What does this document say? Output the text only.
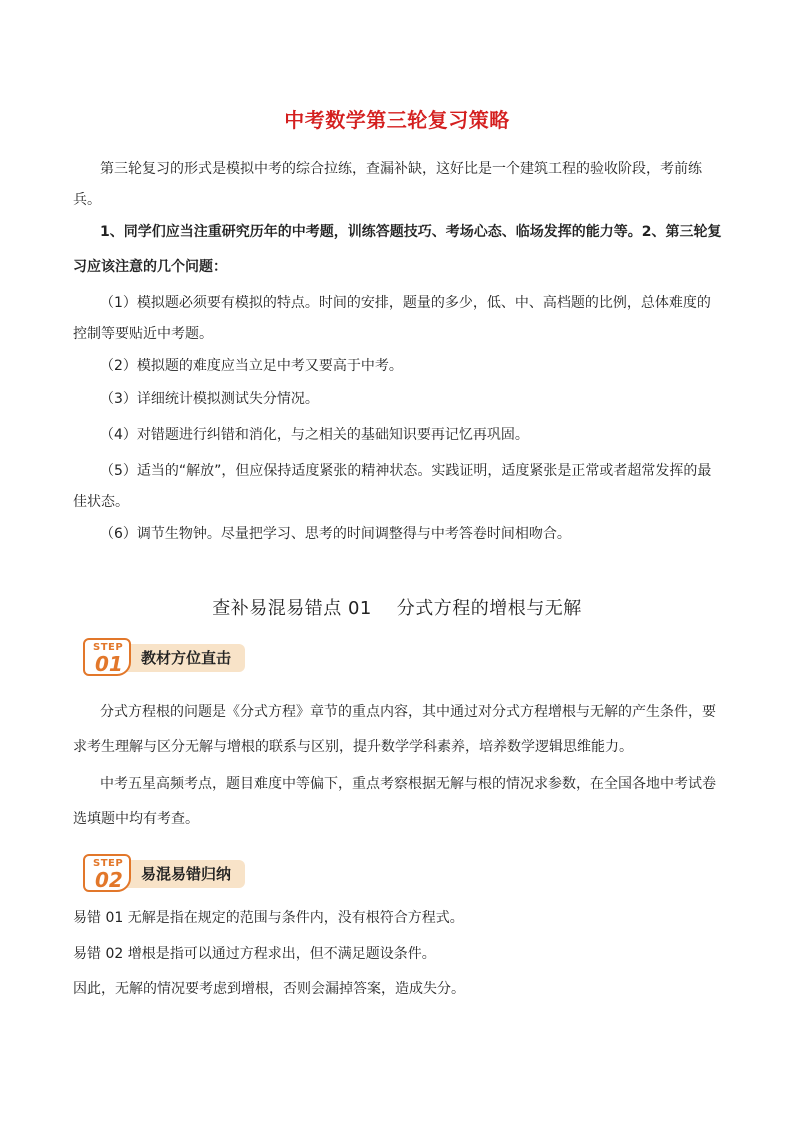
中考数学第三轮复习策略
第三轮复习的形式是模拟中考的综合拉练，查漏补缺，这好比是一个建筑工程的验收阶段，考前练
兵。
1、同学们应当注重研究历年的中考题，训练答题技巧、考场心态、临场发挥的能力等。2、第三轮复
习应该注意的几个问题：
（1）模拟题必须要有模拟的特点。时间的安排，题量的多少，低、中、高档题的比例，总体难度的
控制等要贴近中考题。
（2）模拟题的难度应当立足中考又要高于中考。
（3）详细统计模拟测试失分情况。
（4）对错题进行纠错和消化，与之相关的基础知识要再记忆再巩固。
（5）适当的“解放”，但应保持适度紧张的精神状态。实践证明，适度紧张是正常或者超常发挥的最
佳状态。
（6）调节生物钟。尽量把学习、思考的时间调整得与中考答卷时间相吻合。
查补易混易错点 01    分式方程的增根与无解
教材方位直击
STEP
01
分式方程根的问题是《分式方程》章节的重点内容，其中通过对分式方程增根与无解的产生条件，要
求考生理解与区分无解与增根的联系与区别，提升数学学科素养，培养数学逻辑思维能力。
中考五星高频考点，题目难度中等偏下，重点考察根据无解与根的情况求参数，在全国各地中考试卷
选填题中均有考查。
易混易错归纳
STEP
02
易错 01 无解是指在规定的范围与条件内，没有根符合方程式。
易错 02 增根是指可以通过方程求出，但不满足题设条件。
因此，无解的情况要考虑到增根，否则会漏掉答案，造成失分。
